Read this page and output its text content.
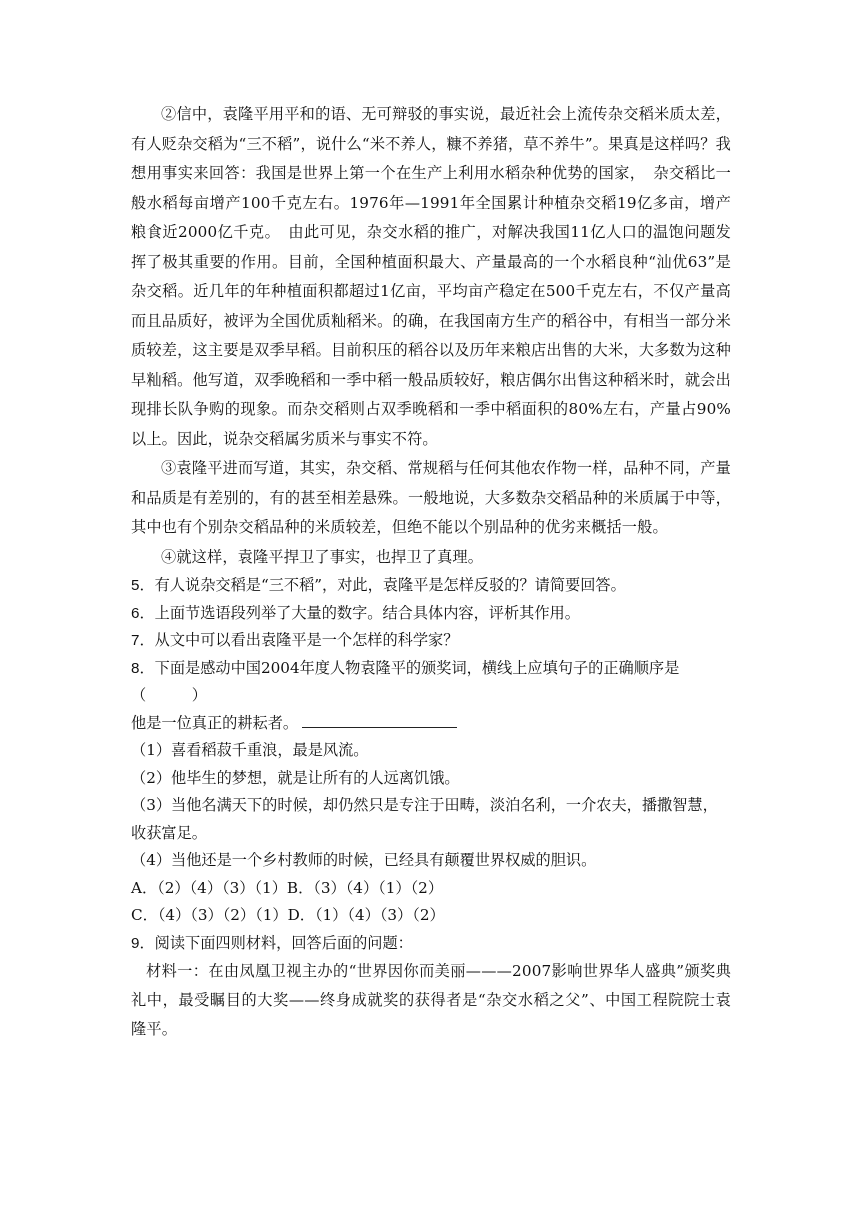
②信中，袁隆平用平和的语、无可辩驳的事实说，最近社会上流传杂交稻米质太差，有人贬杂交稻为“三不稻”，说什么“米不养人，糠不养猪，草不养牛”。果真是这样吗？我想用事实来回答：我国是世界上第一个在生产上利用水稻杂种优势的国家，　杂交稻比一般水稻每亩增产100千克左右。1976年—1991年全国累计种植杂交稻19亿多亩，增产粮食近2000亿千克。　由此可见，杂交水稻的推广，对解决我国11亿人口的温饱问题发挥了极其重要的作用。目前，全国种植面积最大、产量最高的一个水稻良种“汕优63”是杂交稻。近几年的年种植面积都超过1亿亩，平均亩产稳定在500千克左右，不仅产量高而且品质好，被评为全国优质籼稻米。的确，在我国南方生产的稻谷中，有相当一部分米质较差，这主要是双季早稻。目前积压的稻谷以及历年来粮店出售的大米，大多数为这种早籼稻。他写道，双季晚稻和一季中稻一般品质较好，粮店偶尔出售这种稻米时，就会出现排长队争购的现象。而杂交稻则占双季晚稻和一季中稻面积的80%左右，产量占90%以上。因此，说杂交稻属劣质米与事实不符。

③袁隆平进而写道，其实，杂交稻、常规稻与任何其他农作物一样，品种不同，产量和品质是有差别的，有的甚至相差悬殊。一般地说，大多数杂交稻品种的米质属于中等，其中也有个别杂交稻品种的米质较差，但绝不能以个别品种的优劣来概括一般。

④就这样，袁隆平捍卫了事实，也捍卫了真理。

5．有人说杂交稻是“三不稻”，对此，袁隆平是怎样反驳的？请简要回答。

6．上面节选语段列举了大量的数字。结合具体内容，评析其作用。

7．从文中可以看出袁隆平是一个怎样的科学家？

8．下面是感动中国2004年度人物袁隆平的颁奖词，横线上应填句子的正确顺序是

（　　　）

他是一位真正的耕耘者。

（1）喜看稻菽千重浪，最是风流。

（2）他毕生的梦想，就是让所有的人远离饥饿。

（3）当他名满天下的时候，却仍然只是专注于田畴，淡泊名利，一介农夫，播撒智慧，收获富足。

（4）当他还是一个乡村教师的时候，已经具有颠覆世界权威的胆识。

A．（2）（4）（3）（1）B．（3）（4）（1）（2）

C．（4）（3）（2）（1）D．（1）（4）（3）（2）

9．阅读下面四则材料，回答后面的问题：

材料一：在由凤凰卫视主办的“世界因你而美丽———2007影响世界华人盛典”颁奖典礼中，最受瞩目的大奖——终身成就奖的获得者是“杂交水稻之父”、中国工程院院士袁隆平。
